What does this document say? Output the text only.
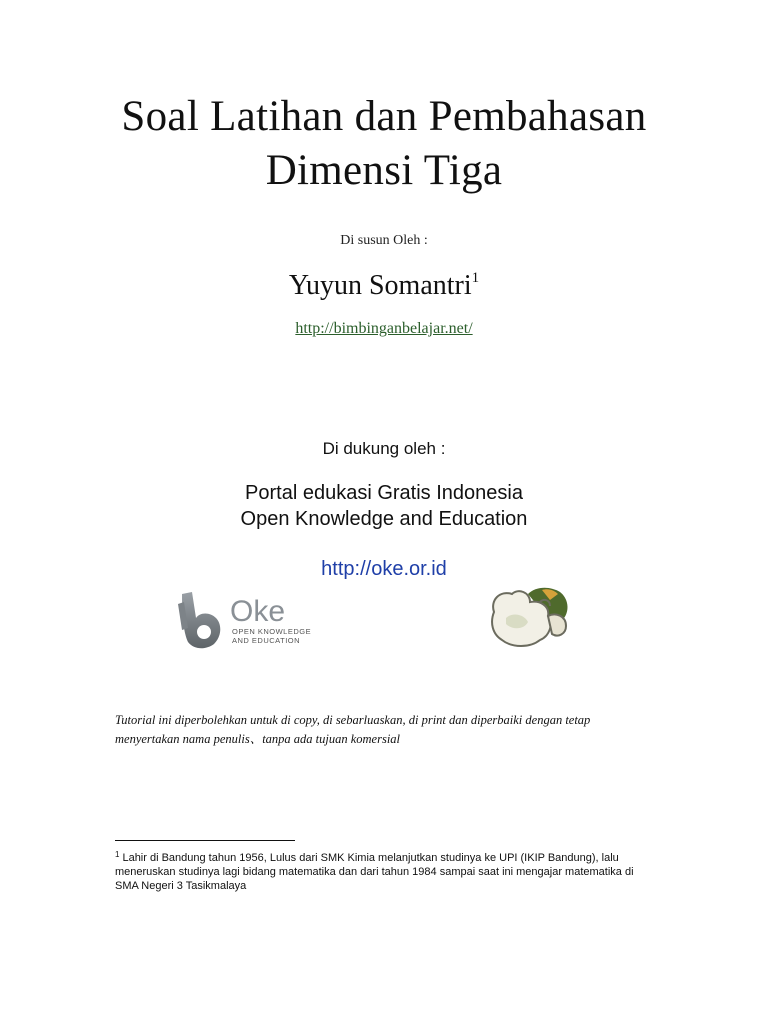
Soal Latihan dan Pembahasan
Dimensi Tiga
Di susun Oleh :
Yuyun Somantri$^1$
http://bimbinganbelajar.net/
Di dukung oleh :
Portal edukasi Gratis Indonesia
Open Knowledge and Education
http://oke.or.id
Oke
OPEN KNOWLEDGE
AND EDUCATION
Tutorial ini diperbolehkan untuk di copy, di sebarluaskan, di print dan diperbaiki dengan tetap
menyertakan nama penulis、tanpa ada tujuan komersial
$^1$ Lahir di Bandung tahun 1956, Lulus dari SMK Kimia melanjutkan studinya ke UPI (IKIP Bandung), lalu
meneruskan studinya lagi bidang matematika dan dari tahun 1984 sampai saat ini mengajar matematika di
SMA Negeri 3 Tasikmalaya
